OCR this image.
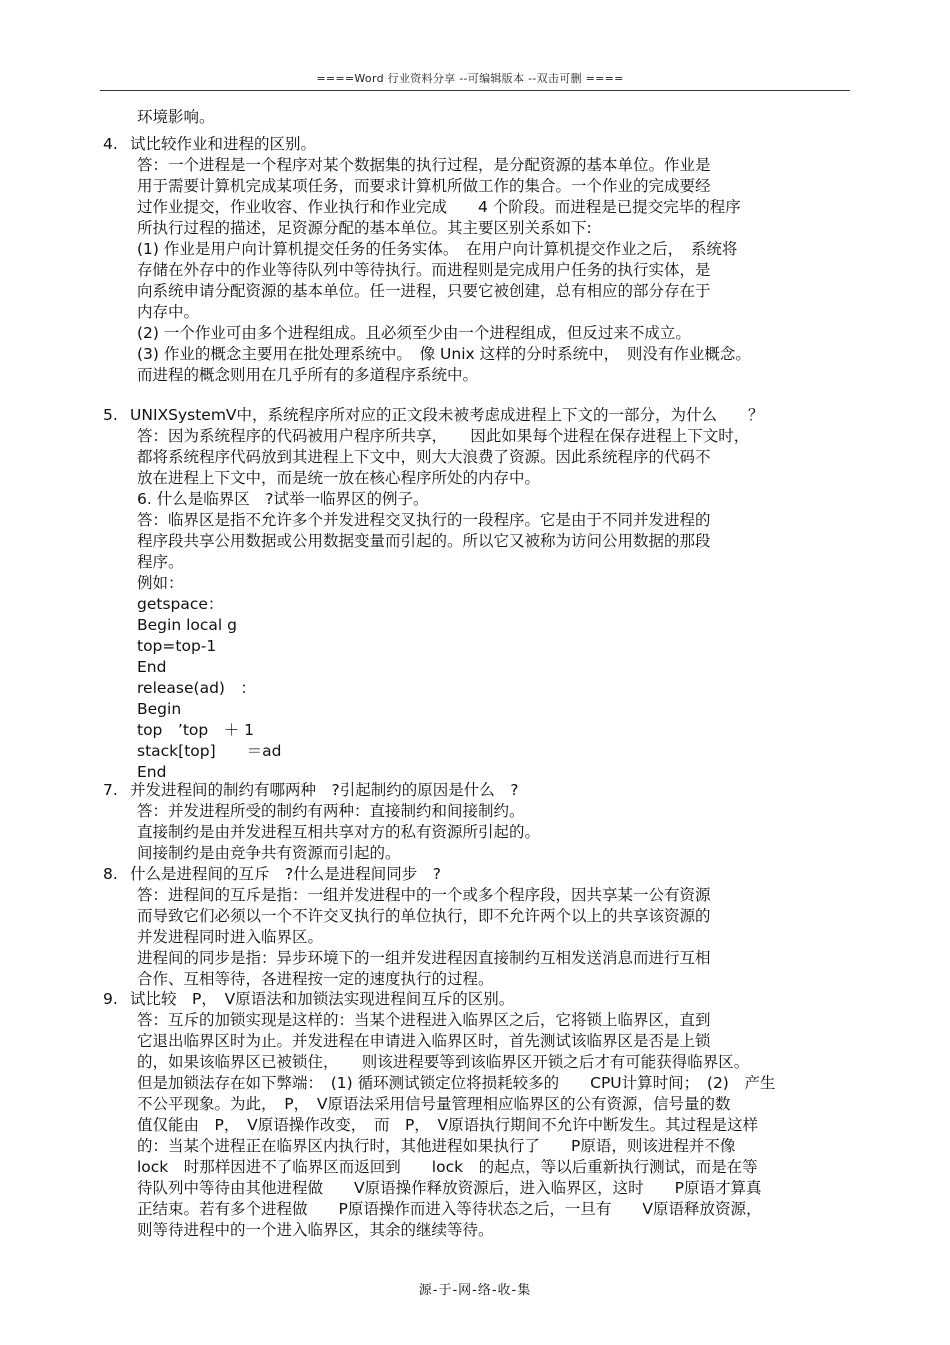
====Word 行业资料分享 --可编辑版本 --双击可删 ====
4.
5.
7.
8.
9.
环境影响。
试比较作业和进程的区别。
答：一个进程是一个程序对某个数据集的执行过程，是分配资源的基本单位。作业是
用于需要计算机完成某项任务，而要求计算机所做工作的集合。一个作业的完成要经
过作业提交，作业收容、作业执行和作业完成　　4 个阶段。而进程是已提交完毕的程序
所执行过程的描述，足资源分配的基本单位。其主要区别关系如下:
(1) 作业是用户向计算机提交任务的任务实体。　在用户向计算机提交作业之后，　系统将
存储在外存中的作业等待队列中等待执行。而进程则是完成用户任务的执行实体，是
向系统申请分配资源的基本单位。任一进程，只要它被创建，总有相应的部分存在于
内存中。
(2) 一个作业可由多个进程组成。且必须至少由一个进程组成，但反过来不成立。
(3) 作业的概念主要用在批处理系统中。　像 Unix 这样的分时系统中，　则没有作业概念。
而进程的概念则用在几乎所有的多道程序系统中。
UNIXSystemV中，系统程序所对应的正文段未被考虑成进程上下文的一部分，为什么　　？
答：因为系统程序的代码被用户程序所共享，　　因此如果每个进程在保存进程上下文时，
都将系统程序代码放到其进程上下文中，则大大浪费了资源。因此系统程序的代码不
放在进程上下文中，而是统一放在核心程序所处的内存中。
6. 什么是临界区　?试举一临界区的例子。
答：临界区是指不允许多个并发进程交叉执行的一段程序。它是由于不同并发进程的
程序段共享公用数据或公用数据变量而引起的。所以它又被称为访问公用数据的那段
程序。
例如：
getspace：
Begin local g
top=top-1
End
release(ad)　：
Begin
top　’top　＋ 1
stack[top]　　＝ad
End
并发进程间的制约有哪两种　?引起制约的原因是什么　?
答：并发进程所受的制约有两种：直接制约和间接制约。
直接制约是由并发进程互相共享对方的私有资源所引起的。
间接制约是由竞争共有资源而引起的。
什么是进程间的互斥　?什么是进程间同步　?
答：进程间的互斥是指：一组并发进程中的一个或多个程序段，因共享某一公有资源
而导致它们必须以一个不许交叉执行的单位执行，即不允许两个以上的共享该资源的
并发进程同时进入临界区。
进程间的同步是指：异步环境下的一组并发进程因直接制约互相发送消息而进行互相
合作、互相等待，各进程按一定的速度执行的过程。
试比较　P，　V原语法和加锁法实现进程间互斥的区别。
答：互斥的加锁实现是这样的：当某个进程进入临界区之后，它将锁上临界区，直到
它退出临界区时为止。并发进程在申请进入临界区时，首先测试该临界区是否是上锁
的，如果该临界区已被锁住，　　则该进程要等到该临界区开锁之后才有可能获得临界区。
但是加锁法存在如下弊端：　(1) 循环测试锁定位将损耗较多的　　CPU计算时间；　(2)　产生
不公平现象。为此，　P，　V原语法采用信号量管理相应临界区的公有资源，信号量的数
值仅能由　P，　V原语操作改变，　而　P，　V原语执行期间不允许中断发生。其过程是这样
的：当某个进程正在临界区内执行时，其他进程如果执行了　　P原语，则该进程并不像
lock　时那样因进不了临界区而返回到　　lock　的起点，等以后重新执行测试，而是在等
待队列中等待由其他进程做　　V原语操作释放资源后，进入临界区，这时　　P原语才算真
正结束。若有多个进程做　　P原语操作而进入等待状态之后，一旦有　　V原语释放资源，
则等待进程中的一个进入临界区，其余的继续等待。
源-于-网-络-收-集
